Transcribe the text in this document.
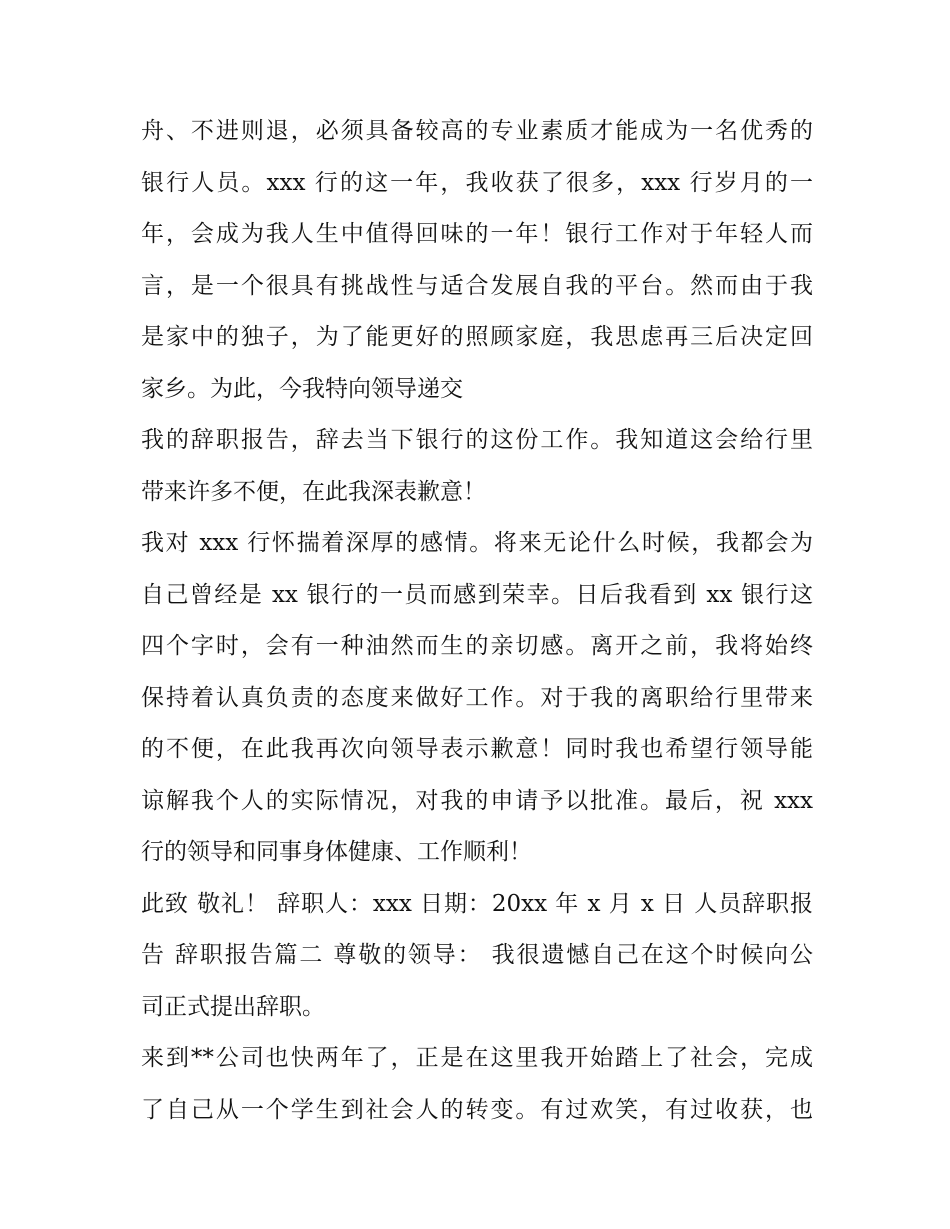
舟、不进则退，必须具备较高的专业素质才能成为一名优秀的
银行人员。xxx 行的这一年，我收获了很多，xxx 行岁月的一
年，会成为我人生中值得回味的一年！银行工作对于年轻人而
言，是一个很具有挑战性与适合发展自我的平台。然而由于我
是家中的独子，为了能更好的照顾家庭，我思虑再三后决定回
家乡。为此，今我特向领导递交
我的辞职报告，辞去当下银行的这份工作。我知道这会给行里
带来许多不便，在此我深表歉意！
我对 xxx 行怀揣着深厚的感情。将来无论什么时候，我都会为
自己曾经是 xx 银行的一员而感到荣幸。日后我看到 xx 银行这
四个字时，会有一种油然而生的亲切感。离开之前，我将始终
保持着认真负责的态度来做好工作。对于我的离职给行里带来
的不便，在此我再次向领导表示歉意！同时我也希望行领导能
谅解我个人的实际情况，对我的申请予以批准。最后，祝 xxx
行的领导和同事身体健康、工作顺利！
此致 敬礼！ 辞职人：xxx 日期：20xx 年 x 月 x 日 人员辞职报
告 辞职报告篇二 尊敬的领导： 我很遗憾自己在这个时候向公
司正式提出辞职。
来到**公司也快两年了，正是在这里我开始踏上了社会，完成
了自己从一个学生到社会人的转变。有过欢笑，有过收获，也
